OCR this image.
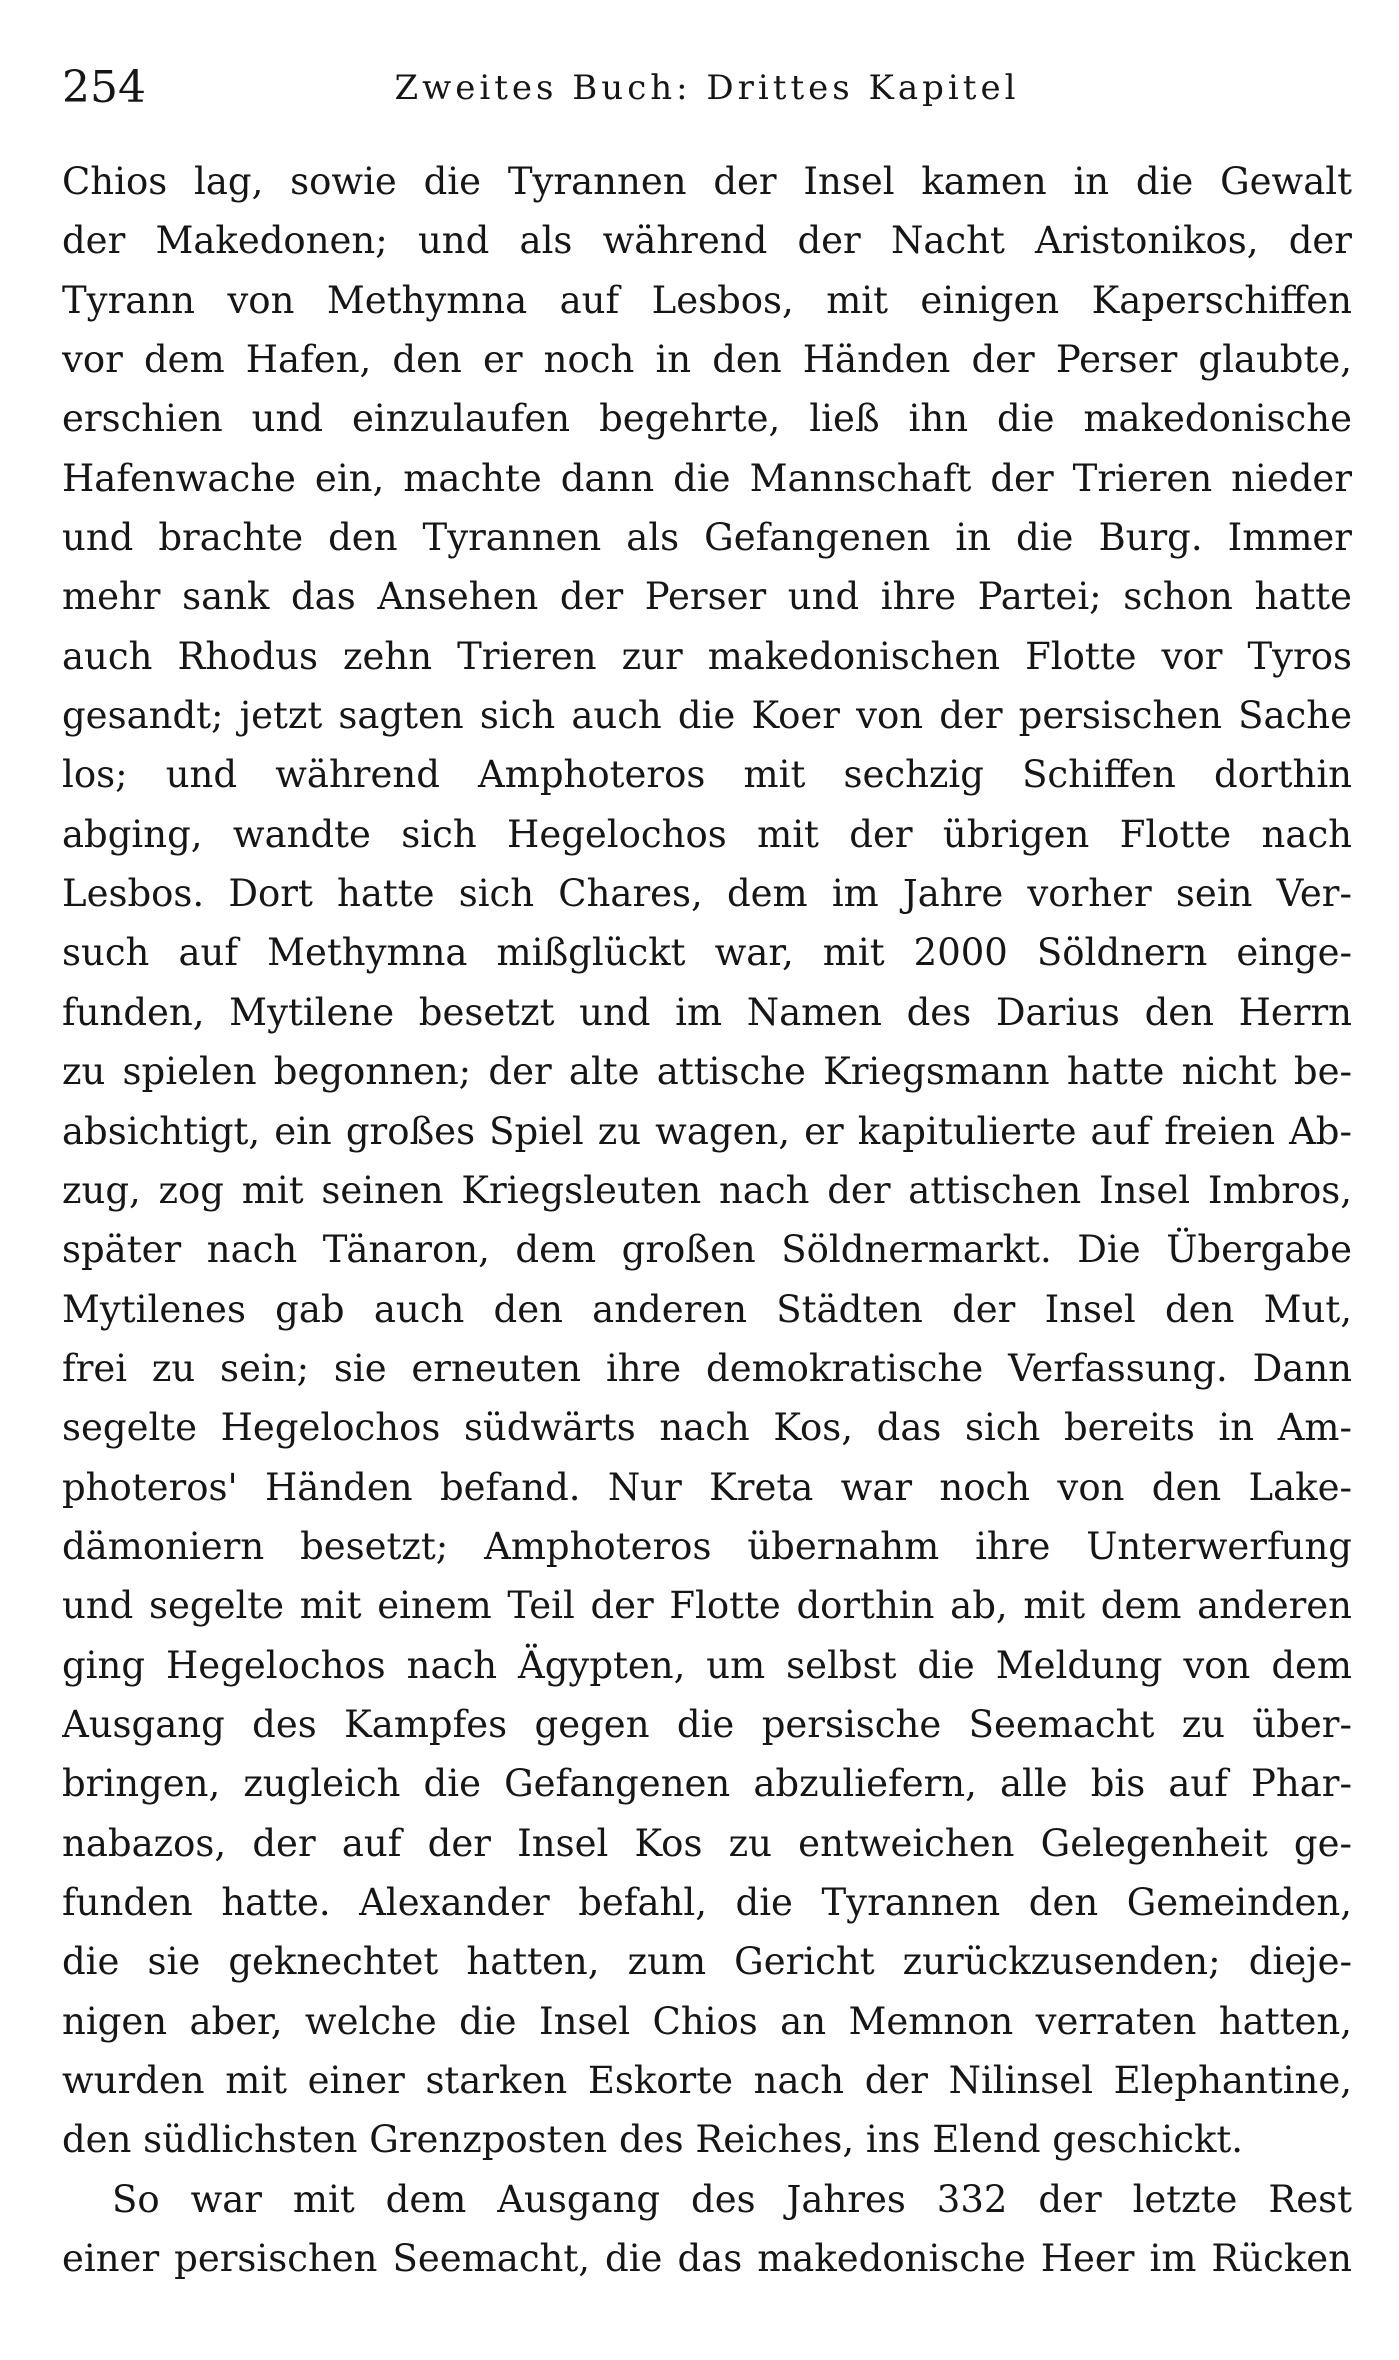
254	Zweites Buch: Drittes Kapitel
Chios lag, sowie die Tyrannen der Insel kamen in die Gewalt
der Makedonen; und als während der Nacht Aristonikos, der
Tyrann von Methymna auf Lesbos, mit einigen Kaperschiffen
vor dem Hafen, den er noch in den Händen der Perser glaubte,
erschien und einzulaufen begehrte, ließ ihn die makedonische
Hafenwache ein, machte dann die Mannschaft der Trieren nieder
und brachte den Tyrannen als Gefangenen in die Burg. Immer
mehr sank das Ansehen der Perser und ihre Partei; schon hatte
auch Rhodus zehn Trieren zur makedonischen Flotte vor Tyros
gesandt; jetzt sagten sich auch die Koer von der persischen Sache
los; und während Amphoteros mit sechzig Schiffen dorthin
abging, wandte sich Hegelochos mit der übrigen Flotte nach
Lesbos. Dort hatte sich Chares, dem im Jahre vorher sein Ver-
such auf Methymna mißglückt war, mit 2000 Söldnern einge-
funden, Mytilene besetzt und im Namen des Darius den Herrn
zu spielen begonnen; der alte attische Kriegsmann hatte nicht be-
absichtigt, ein großes Spiel zu wagen, er kapitulierte auf freien Ab-
zug, zog mit seinen Kriegsleuten nach der attischen Insel Imbros,
später nach Tänaron, dem großen Söldnermarkt. Die Übergabe
Mytilenes gab auch den anderen Städten der Insel den Mut,
frei zu sein; sie erneuten ihre demokratische Verfassung. Dann
segelte Hegelochos südwärts nach Kos, das sich bereits in Am-
photeros' Händen befand. Nur Kreta war noch von den Lake-
dämoniern besetzt; Amphoteros übernahm ihre Unterwerfung
und segelte mit einem Teil der Flotte dorthin ab, mit dem anderen
ging Hegelochos nach Ägypten, um selbst die Meldung von dem
Ausgang des Kampfes gegen die persische Seemacht zu über-
bringen, zugleich die Gefangenen abzuliefern, alle bis auf Phar-
nabazos, der auf der Insel Kos zu entweichen Gelegenheit ge-
funden hatte. Alexander befahl, die Tyrannen den Gemeinden,
die sie geknechtet hatten, zum Gericht zurückzusenden; dieje-
nigen aber, welche die Insel Chios an Memnon verraten hatten,
wurden mit einer starken Eskorte nach der Nilinsel Elephantine,
den südlichsten Grenzposten des Reiches, ins Elend geschickt.
So war mit dem Ausgang des Jahres 332 der letzte Rest
einer persischen Seemacht, die das makedonische Heer im Rücken
